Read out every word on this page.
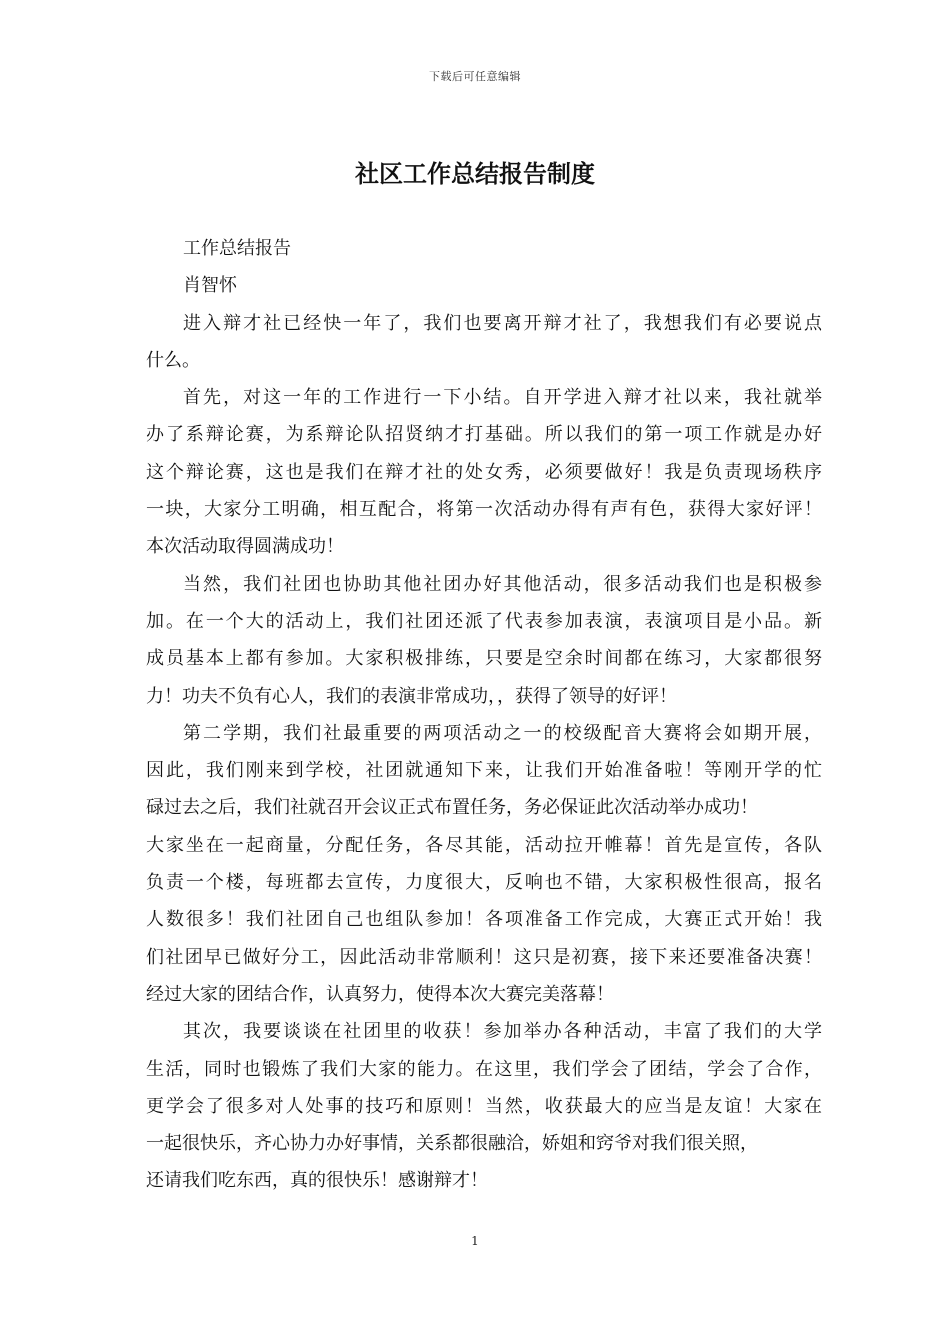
下载后可任意编辑
社区工作总结报告制度
工作总结报告
肖智怀
进入辩才社已经快一年了，我们也要离开辩才社了，我想我们有必要说点
什么。
首先，对这一年的工作进行一下小结。自开学进入辩才社以来，我社就举
办了系辩论赛，为系辩论队招贤纳才打基础。所以我们的第一项工作就是办好
这个辩论赛，这也是我们在辩才社的处女秀，必须要做好！我是负责现场秩序
一块，大家分工明确，相互配合，将第一次活动办得有声有色，获得大家好评！
本次活动取得圆满成功！
当然，我们社团也协助其他社团办好其他活动，很多活动我们也是积极参
加。在一个大的活动上，我们社团还派了代表参加表演，表演项目是小品。新
成员基本上都有参加。大家积极排练，只要是空余时间都在练习，大家都很努
力！功夫不负有心人，我们的表演非常成功，，获得了领导的好评！
第二学期，我们社最重要的两项活动之一的校级配音大赛将会如期开展，
因此，我们刚来到学校，社团就通知下来，让我们开始准备啦！等刚开学的忙
碌过去之后，我们社就召开会议正式布置任务，务必保证此次活动举办成功！
大家坐在一起商量，分配任务，各尽其能，活动拉开帷幕！首先是宣传，各队
负责一个楼，每班都去宣传，力度很大，反响也不错，大家积极性很高，报名
人数很多！我们社团自己也组队参加！各项准备工作完成，大赛正式开始！我
们社团早已做好分工，因此活动非常顺利！这只是初赛，接下来还要准备决赛！
经过大家的团结合作，认真努力，使得本次大赛完美落幕！
其次，我要谈谈在社团里的收获！参加举办各种活动，丰富了我们的大学
生活，同时也锻炼了我们大家的能力。在这里，我们学会了团结，学会了合作，
更学会了很多对人处事的技巧和原则！当然，收获最大的应当是友谊！大家在
一起很快乐，齐心协力办好事情，关系都很融洽，娇姐和窍爷对我们很关照，
还请我们吃东西，真的很快乐！感谢辩才！
1
